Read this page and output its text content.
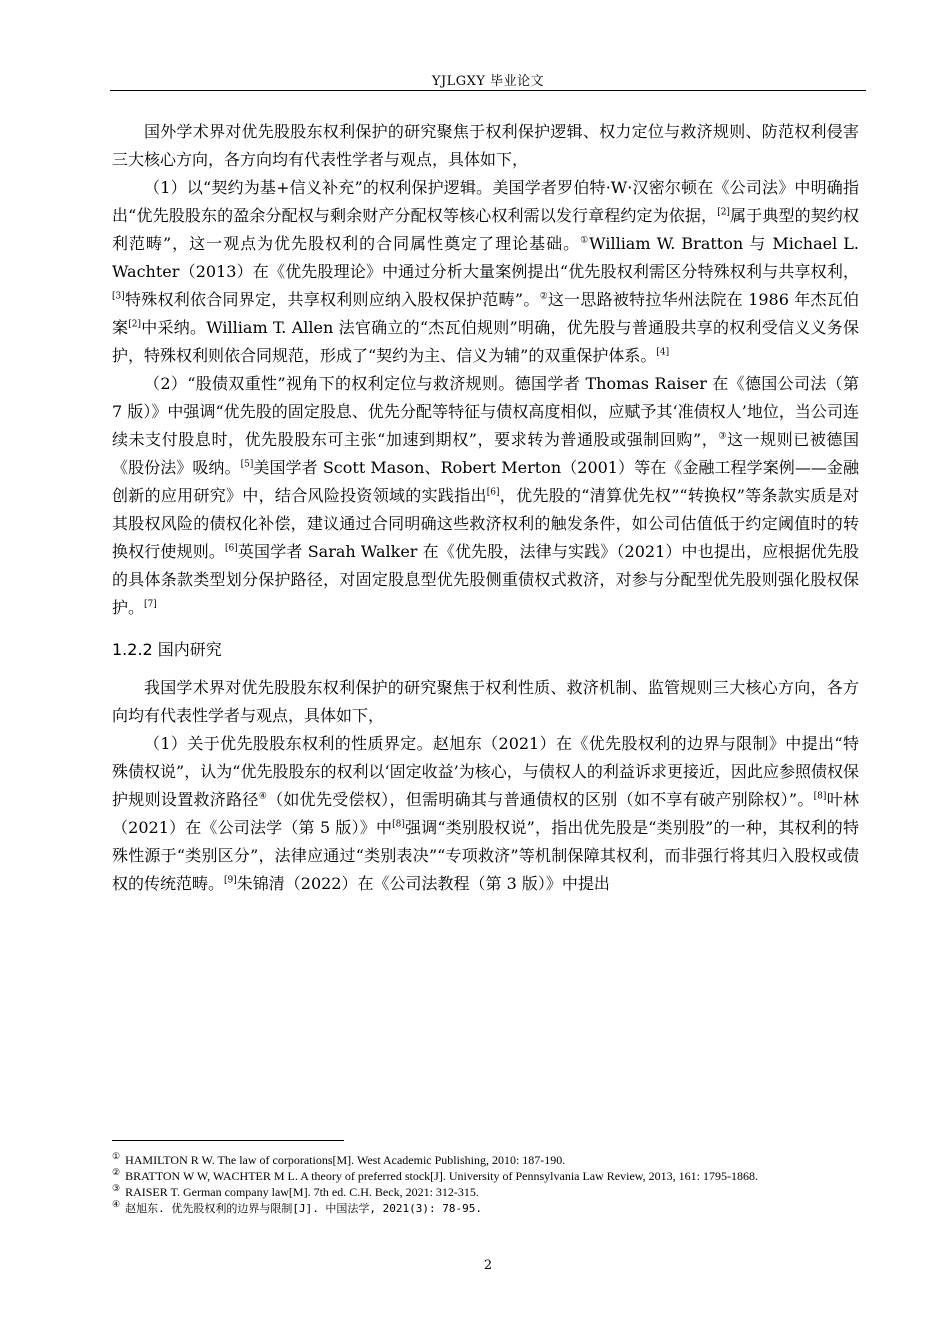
YJLGXY 毕业论文

国外学术界对优先股股东权利保护的研究聚焦于权利保护逻辑、权力定位与救济规则、防范权利侵害三大核心方向，各方向均有代表性学者与观点，具体如下，

（1）以“契约为基+信义补充”的权利保护逻辑。美国学者罗伯特·W·汉密尔顿在《公司法》中明确指出“优先股股东的盈余分配权与剩余财产分配权等核心权利需以发行章程约定为依据，[2]属于典型的契约权利范畴”，这一观点为优先股权利的合同属性奠定了理论基础。①William W. Bratton 与 Michael L. Wachter（2013）在《优先股理论》中通过分析大量案例提出“优先股权利需区分特殊权利与共享权利，[3]特殊权利依合同界定，共享权利则应纳入股权保护范畴”。②这一思路被特拉华州法院在 1986 年杰瓦伯案[2]中采纳。William T. Allen 法官确立的“杰瓦伯规则”明确，优先股与普通股共享的权利受信义义务保护，特殊权利则依合同规范，形成了“契约为主、信义为辅”的双重保护体系。[4]

（2）“股债双重性”视角下的权利定位与救济规则。德国学者 Thomas Raiser 在《德国公司法（第 7 版）》中强调“优先股的固定股息、优先分配等特征与债权高度相似，应赋予其‘准债权人’地位，当公司连续未支付股息时，优先股股东可主张“加速到期权”，要求转为普通股或强制回购”，③这一规则已被德国《股份法》吸纳。[5]美国学者 Scott Mason、Robert Merton（2001）等在《金融工程学案例——金融创新的应用研究》中，结合风险投资领域的实践指出[6]，优先股的“清算优先权”“转换权”等条款实质是对其股权风险的债权化补偿，建议通过合同明确这些救济权利的触发条件，如公司估值低于约定阈值时的转换权行使规则。[6]英国学者 Sarah Walker 在《优先股，法律与实践》（2021）中也提出，应根据优先股的具体条款类型划分保护路径，对固定股息型优先股侧重债权式救济，对参与分配型优先股则强化股权保护。[7]

1.2.2 国内研究

我国学术界对优先股股东权利保护的研究聚焦于权利性质、救济机制、监管规则三大核心方向，各方向均有代表性学者与观点，具体如下，

（1）关于优先股股东权利的性质界定。赵旭东（2021）在《优先股权利的边界与限制》中提出“特殊债权说”，认为“优先股股东的权利以‘固定收益’为核心，与债权人的利益诉求更接近，因此应参照债权保护规则设置救济路径④（如优先受偿权），但需明确其与普通债权的区别（如不享有破产别除权）”。[8]叶林（2021）在《公司法学（第 5 版）》中[8]强调“类别股权说”，指出优先股是“类别股”的一种，其权利的特殊性源于“类别区分”，法律应通过“类别表决”“专项救济”等机制保障其权利，而非强行将其归入股权或债权的传统范畴。[9]朱锦清（2022）在《公司法教程（第 3 版）》中提出

① HAMILTON R W. The law of corporations[M]. West Academic Publishing, 2010: 187-190.
② BRATTON W W, WACHTER M L. A theory of preferred stock[J]. University of Pennsylvania Law Review, 2013, 161: 1795-1868.
③ RAISER T. German company law[M]. 7th ed. C.H. Beck, 2021: 312-315.
④ 赵旭东. 优先股权利的边界与限制[J]. 中国法学, 2021(3): 78-95.
2
